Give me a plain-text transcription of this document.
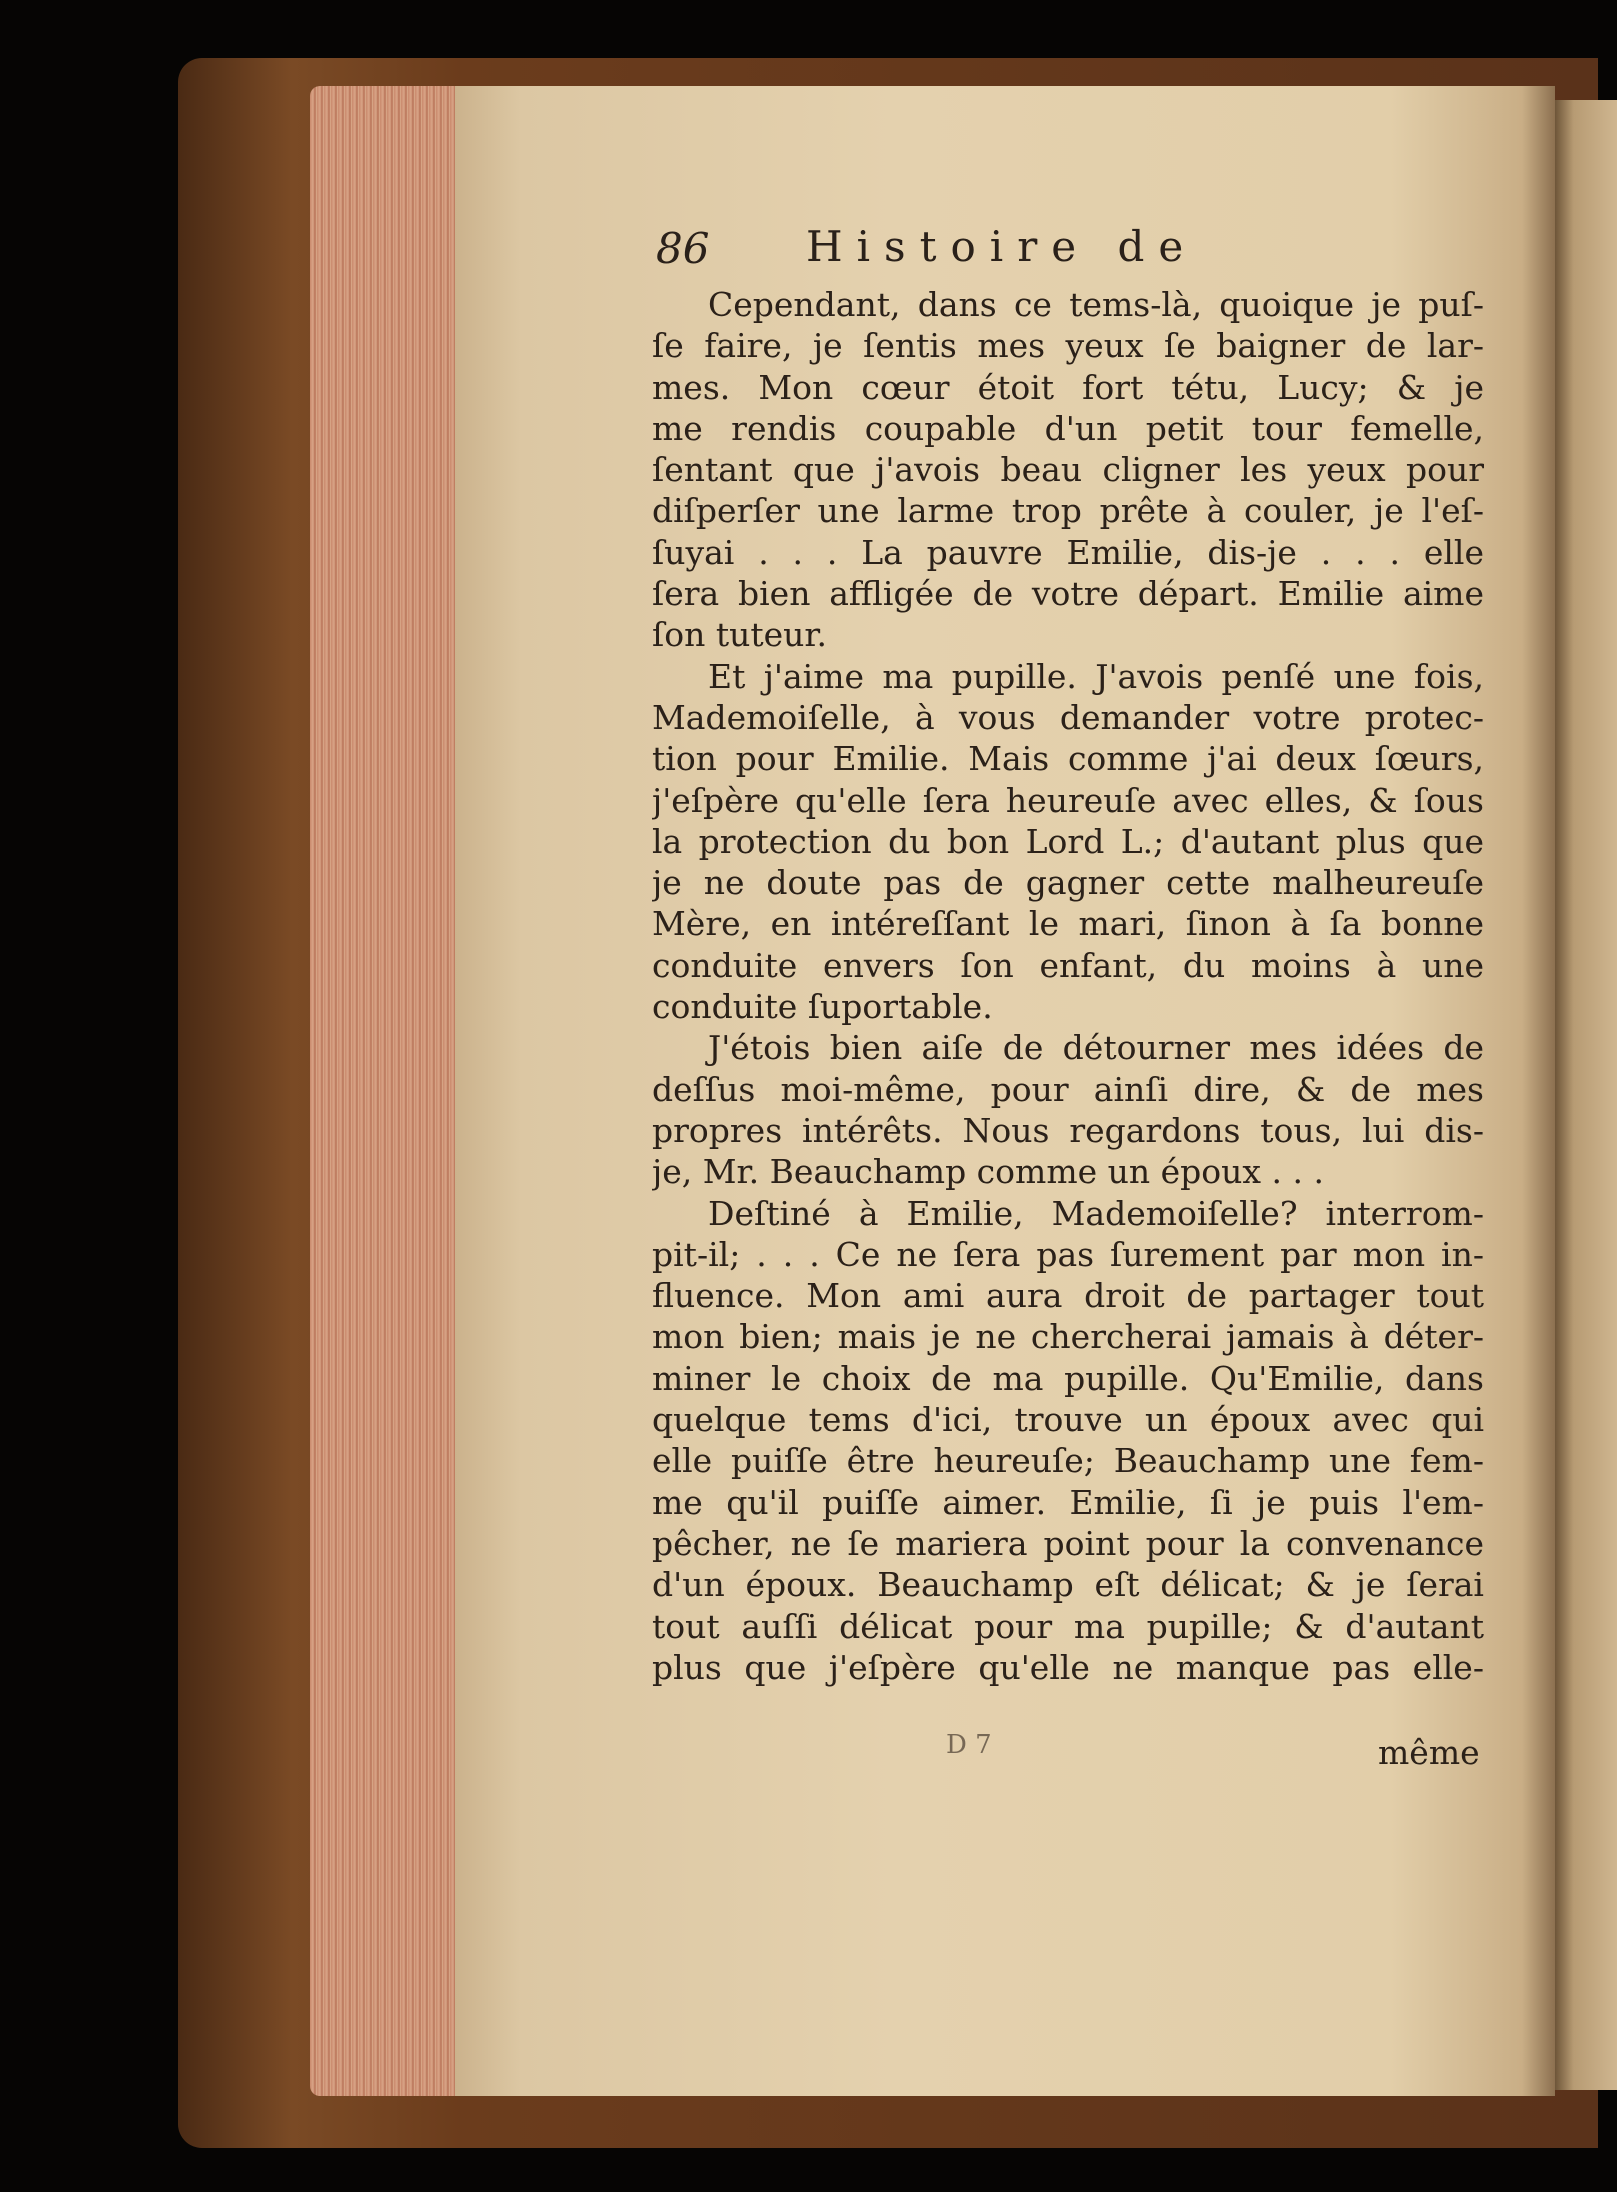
86 Histoire de
Cependant, dans ce tems-là, quoique je puſ-
ſe faire, je ſentis mes yeux ſe baigner de lar-
mes. Mon cœur étoit fort tétu, Lucy; & je
me rendis coupable d'un petit tour femelle,
ſentant que j'avois beau cligner les yeux pour
diſperſer une larme trop prête à couler, je l'eſ-
ſuyai . . . La pauvre Emilie, dis-je . . . elle
ſera bien affligée de votre départ. Emilie aime
ſon tuteur.
Et j'aime ma pupille. J'avois penſé une fois,
Mademoiſelle, à vous demander votre protec-
tion pour Emilie. Mais comme j'ai deux ſœurs,
j'eſpère qu'elle ſera heureuſe avec elles, & ſous
la protection du bon Lord L.; d'autant plus que
je ne doute pas de gagner cette malheureuſe
Mère, en intéreſſant le mari, ſinon à ſa bonne
conduite envers ſon enfant, du moins à une
conduite ſuportable.
J'étois bien aiſe de détourner mes idées de
deſſus moi-même, pour ainſi dire, & de mes
propres intérêts. Nous regardons tous, lui dis-
je, Mr. Beauchamp comme un époux . . .
Deſtiné à Emilie, Mademoiſelle? interrom-
pit-il; . . . Ce ne ſera pas ſurement par mon in-
fluence. Mon ami aura droit de partager tout
mon bien; mais je ne chercherai jamais à déter-
miner le choix de ma pupille. Qu'Emilie, dans
quelque tems d'ici, trouve un époux avec qui
elle puiſſe être heureuſe; Beauchamp une fem-
me qu'il puiſſe aimer. Emilie, ſi je puis l'em-
pêcher, ne ſe mariera point pour la convenance
d'un époux. Beauchamp eſt délicat; & je ſerai
tout auſſi délicat pour ma pupille; & d'autant
plus que j'eſpère qu'elle ne manque pas elle-
D 7	même
